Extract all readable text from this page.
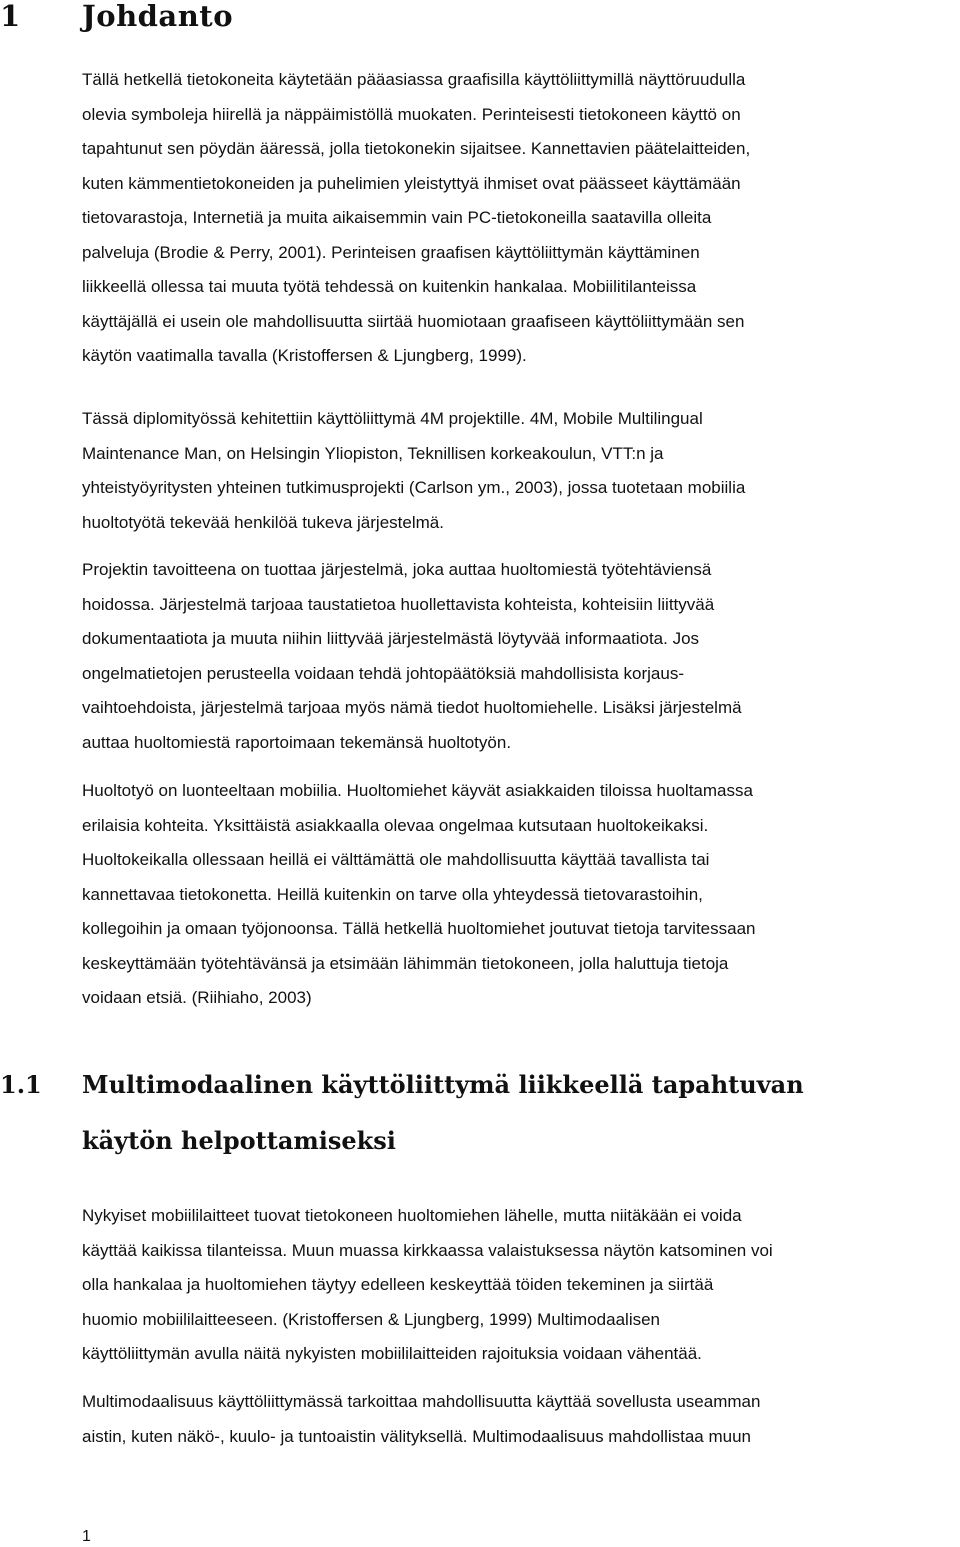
1 Johdanto

Tällä hetkellä tietokoneita käytetään pääasiassa graafisilla käyttöliittymillä näyttöruudulla
olevia symboleja hiirellä ja näppäimistöllä muokaten. Perinteisesti tietokoneen käyttö on
tapahtunut sen pöydän ääressä, jolla tietokonekin sijaitsee. Kannettavien päätelaitteiden,
kuten kämmentietokoneiden ja puhelimien yleistyttyä ihmiset ovat päässeet käyttämään
tietovarastoja, Internetiä ja muita aikaisemmin vain PC-tietokoneilla saatavilla olleita
palveluja (Brodie & Perry, 2001). Perinteisen graafisen käyttöliittymän käyttäminen
liikkeellä ollessa tai muuta työtä tehdessä on kuitenkin hankalaa. Mobiilitilanteissa
käyttäjällä ei usein ole mahdollisuutta siirtää huomiotaan graafiseen käyttöliittymään sen
käytön vaatimalla tavalla (Kristoffersen & Ljungberg, 1999).

Tässä diplomityössä kehitettiin käyttöliittymä 4M projektille. 4M, Mobile Multilingual
Maintenance Man, on Helsingin Yliopiston, Teknillisen korkeakoulun, VTT:n ja
yhteistyöyritysten yhteinen tutkimusprojekti (Carlson ym., 2003), jossa tuotetaan mobiilia
huoltotyötä tekevää henkilöä tukeva järjestelmä.

Projektin tavoitteena on tuottaa järjestelmä, joka auttaa huoltomiestä työtehtäviensä
hoidossa. Järjestelmä tarjoaa taustatietoa huollettavista kohteista, kohteisiin liittyvää
dokumentaatiota ja muuta niihin liittyvää järjestelmästä löytyvää informaatiota. Jos
ongelmatietojen perusteella voidaan tehdä johtopäätöksiä mahdollisista korjaus-
vaihtoehdoista, järjestelmä tarjoaa myös nämä tiedot huoltomiehelle. Lisäksi järjestelmä
auttaa huoltomiestä raportoimaan tekemänsä huoltotyön.

Huoltotyö on luonteeltaan mobiilia. Huoltomiehet käyvät asiakkaiden tiloissa huoltamassa
erilaisia kohteita. Yksittäistä asiakkaalla olevaa ongelmaa kutsutaan huoltokeikaksi.
Huoltokeikalla ollessaan heillä ei välttämättä ole mahdollisuutta käyttää tavallista tai
kannettavaa tietokonetta. Heillä kuitenkin on tarve olla yhteydessä tietovarastoihin,
kollegoihin ja omaan työjonoonsa. Tällä hetkellä huoltomiehet joutuvat tietoja tarvitessaan
keskeyttämään työtehtävänsä ja etsimään lähimmän tietokoneen, jolla haluttuja tietoja
voidaan etsiä. (Riihiaho, 2003)

1.1 Multimodaalinen käyttöliittymä liikkeellä tapahtuvan
käytön helpottamiseksi

Nykyiset mobiililaitteet tuovat tietokoneen huoltomiehen lähelle, mutta niitäkään ei voida
käyttää kaikissa tilanteissa. Muun muassa kirkkaassa valaistuksessa näytön katsominen voi
olla hankalaa ja huoltomiehen täytyy edelleen keskeyttää töiden tekeminen ja siirtää
huomio mobiililaitteeseen. (Kristoffersen & Ljungberg, 1999) Multimodaalisen
käyttöliittymän avulla näitä nykyisten mobiililaitteiden rajoituksia voidaan vähentää.

Multimodaalisuus käyttöliittymässä tarkoittaa mahdollisuutta käyttää sovellusta useamman
aistin, kuten näkö-, kuulo- ja tuntoaistin välityksellä. Multimodaalisuus mahdollistaa muun

1
